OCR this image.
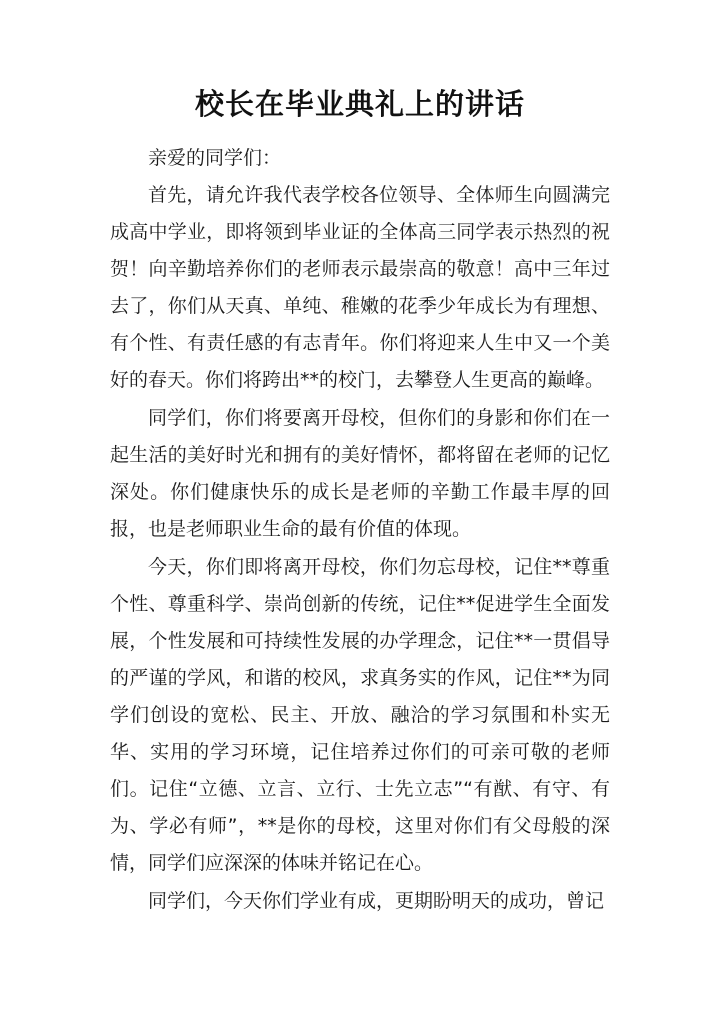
校长在毕业典礼上的讲话

亲爱的同学们：

首先，请允许我代表学校各位领导、全体师生向圆满完成高中学业，即将领到毕业证的全体高三同学表示热烈的祝贺！向辛勤培养你们的老师表示最崇高的敬意！高中三年过去了，你们从天真、单纯、稚嫩的花季少年成长为有理想、有个性、有责任感的有志青年。你们将迎来人生中又一个美好的春天。你们将跨出**的校门，去攀登人生更高的巅峰。

同学们，你们将要离开母校，但你们的身影和你们在一起生活的美好时光和拥有的美好情怀，都将留在老师的记忆深处。你们健康快乐的成长是老师的辛勤工作最丰厚的回报，也是老师职业生命的最有价值的体现。

今天，你们即将离开母校，你们勿忘母校，记住**尊重个性、尊重科学、崇尚创新的传统，记住**促进学生全面发展，个性发展和可持续性发展的办学理念，记住**一贯倡导的严谨的学风，和谐的校风，求真务实的作风，记住**为同学们创设的宽松、民主、开放、融洽的学习氛围和朴实无华、实用的学习环境，记住培养过你们的可亲可敬的老师们。记住“立德、立言、立行、士先立志”“有猷、有守、有为、学必有师”，**是你的母校，这里对你们有父母般的深情，同学们应深深的体味并铭记在心。

同学们，今天你们学业有成，更期盼明天的成功，曾记
